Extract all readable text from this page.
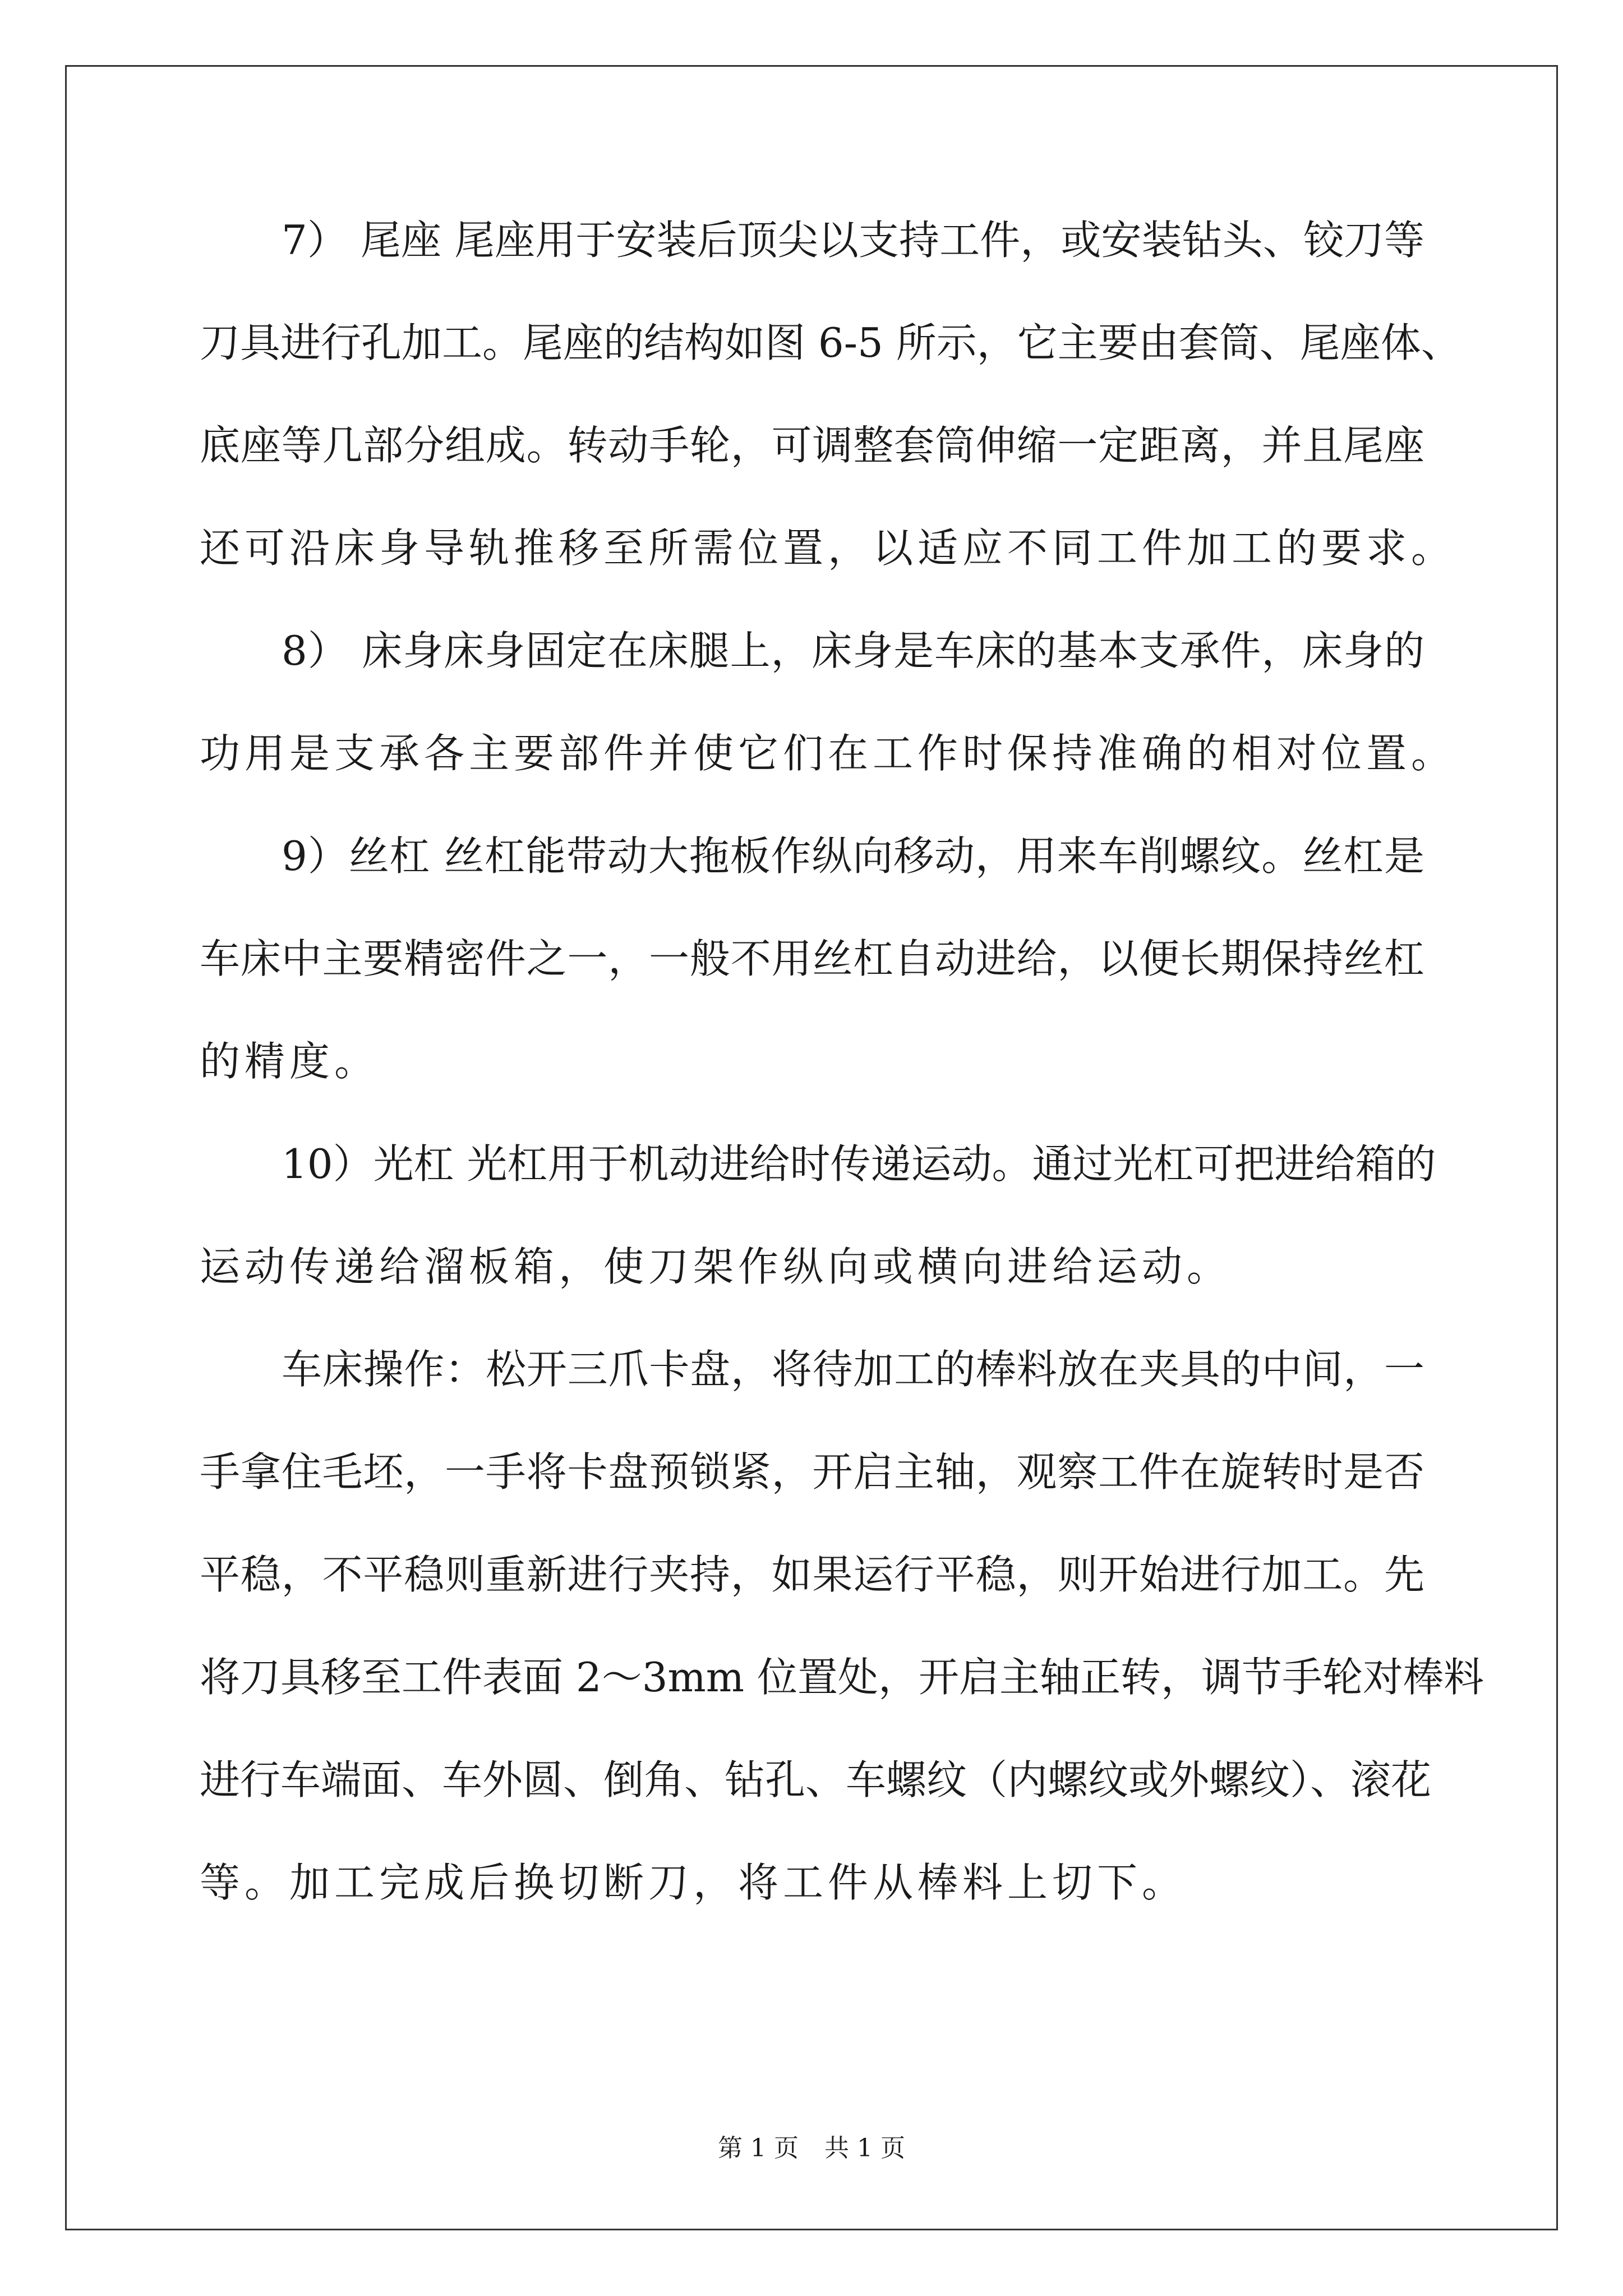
7） 尾座 尾座用于安装后顶尖以支持工件，或安装钻头、铰刀等
刀具进行孔加工。尾座的结构如图 6-5 所示，它主要由套筒、尾座体、
底座等几部分组成。转动手轮，可调整套筒伸缩一定距离，并且尾座
还可沿床身导轨推移至所需位置，以适应不同工件加工的要求。
8） 床身床身固定在床腿上，床身是车床的基本支承件，床身的
功用是支承各主要部件并使它们在工作时保持准确的相对位置。
9）丝杠 丝杠能带动大拖板作纵向移动，用来车削螺纹。丝杠是
车床中主要精密件之一，一般不用丝杠自动进给，以便长期保持丝杠
的精度。
10）光杠 光杠用于机动进给时传递运动。通过光杠可把进给箱的
运动传递给溜板箱，使刀架作纵向或横向进给运动。
车床操作：松开三爪卡盘，将待加工的棒料放在夹具的中间，一
手拿住毛坯，一手将卡盘预锁紧，开启主轴，观察工件在旋转时是否
平稳，不平稳则重新进行夹持，如果运行平稳，则开始进行加工。先
将刀具移至工件表面 2～3mm 位置处，开启主轴正转，调节手轮对棒料
进行车端面、车外圆、倒角、钻孔、车螺纹（内螺纹或外螺纹）、滚花
等。加工完成后换切断刀，将工件从棒料上切下。
第 1 页 共 1 页
